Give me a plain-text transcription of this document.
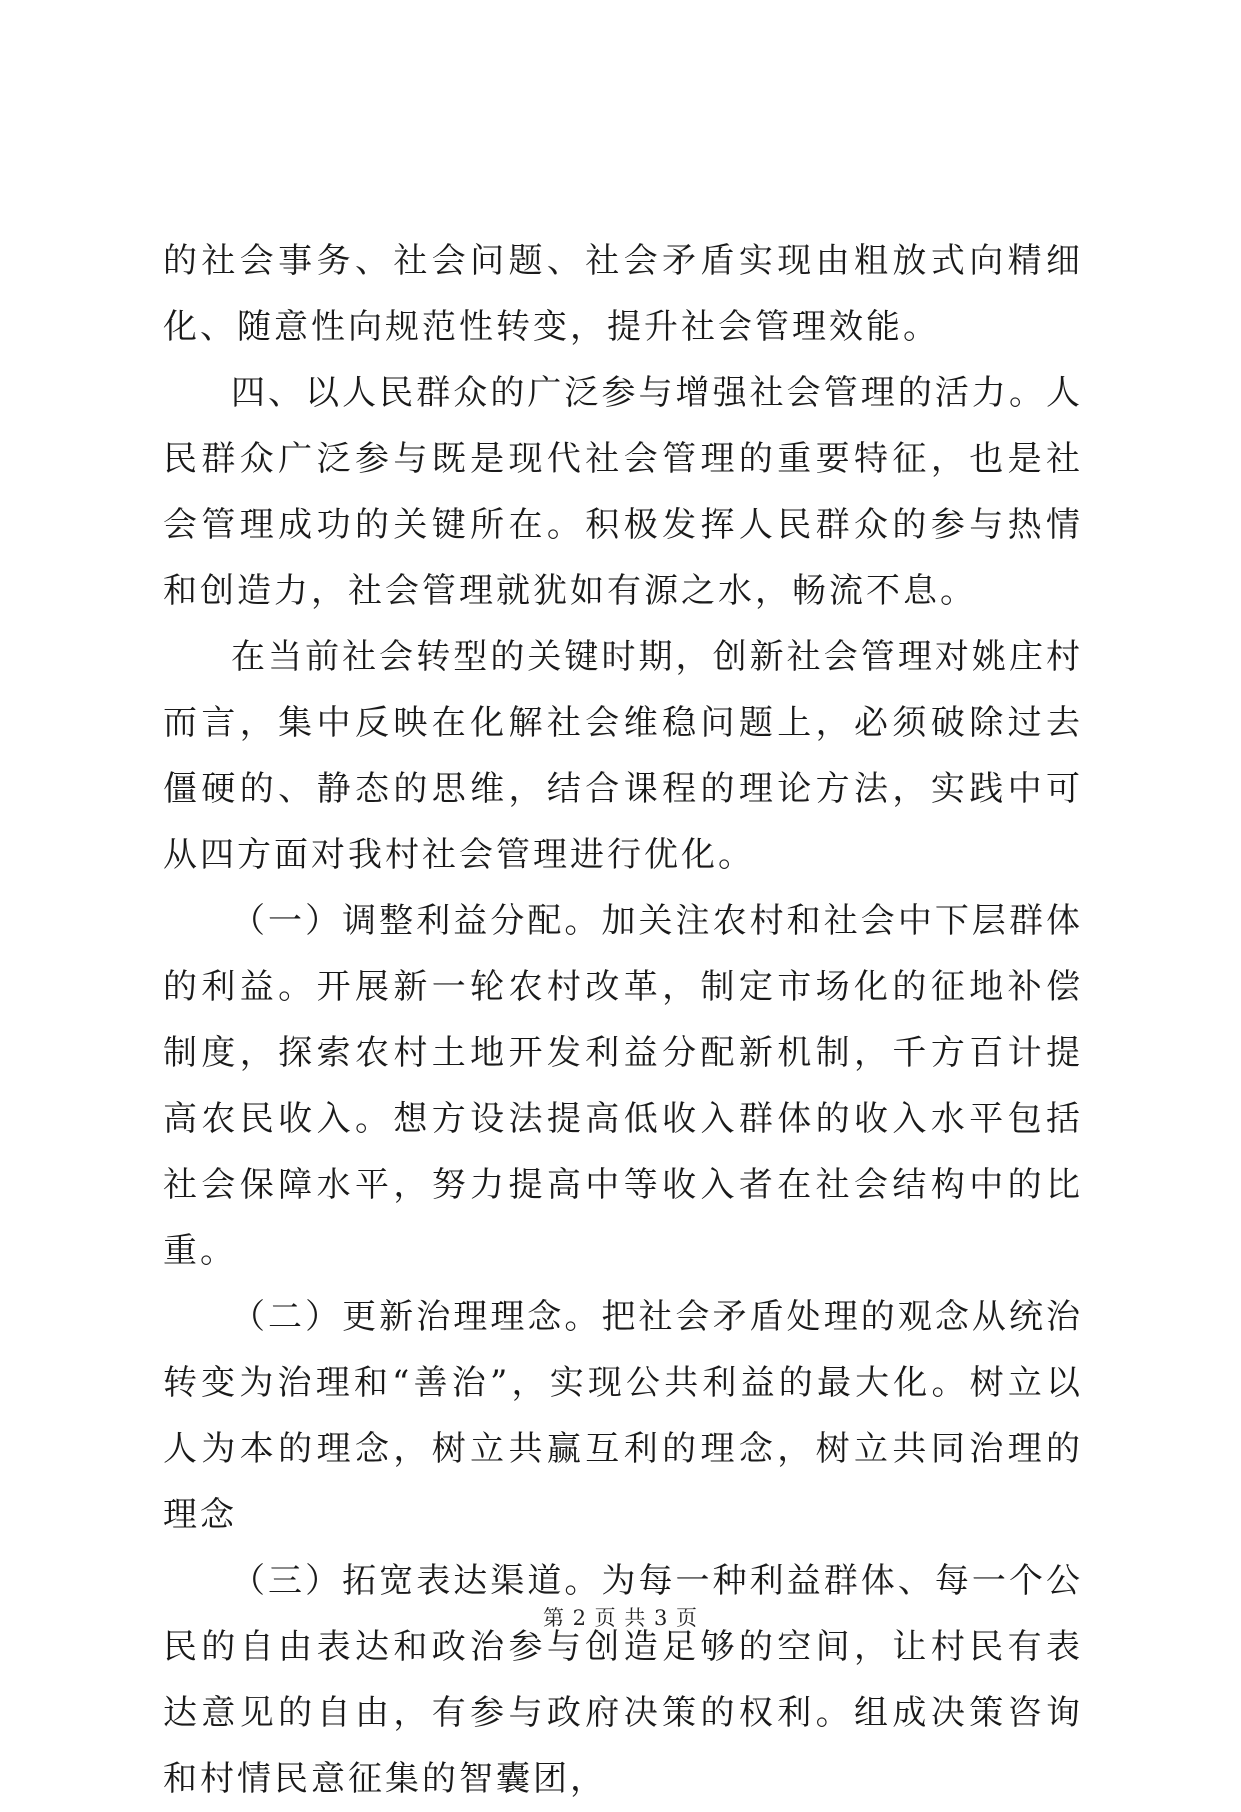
的社会事务、社会问题、社会矛盾实现由粗放式向精细化、随意性向规范性转变，提升社会管理效能。

四、以人民群众的广泛参与增强社会管理的活力。人民群众广泛参与既是现代社会管理的重要特征，也是社会管理成功的关键所在。积极发挥人民群众的参与热情和创造力，社会管理就犹如有源之水，畅流不息。

在当前社会转型的关键时期，创新社会管理对姚庄村而言，集中反映在化解社会维稳问题上，必须破除过去僵硬的、静态的思维，结合课程的理论方法，实践中可从四方面对我村社会管理进行优化。

（一）调整利益分配。加关注农村和社会中下层群体的利益。开展新一轮农村改革，制定市场化的征地补偿制度，探索农村土地开发利益分配新机制，千方百计提高农民收入。想方设法提高低收入群体的收入水平包括社会保障水平，努力提高中等收入者在社会结构中的比重。

（二）更新治理理念。把社会矛盾处理的观念从统治转变为治理和“善治”，实现公共利益的最大化。树立以人为本的理念，树立共赢互利的理念，树立共同治理的理念

（三）拓宽表达渠道。为每一种利益群体、每一个公民的自由表达和政治参与创造足够的空间，让村民有表达意见的自由，有参与政府决策的权利。组成决策咨询和村情民意征集的智囊团，

第 2 页 共 3 页
